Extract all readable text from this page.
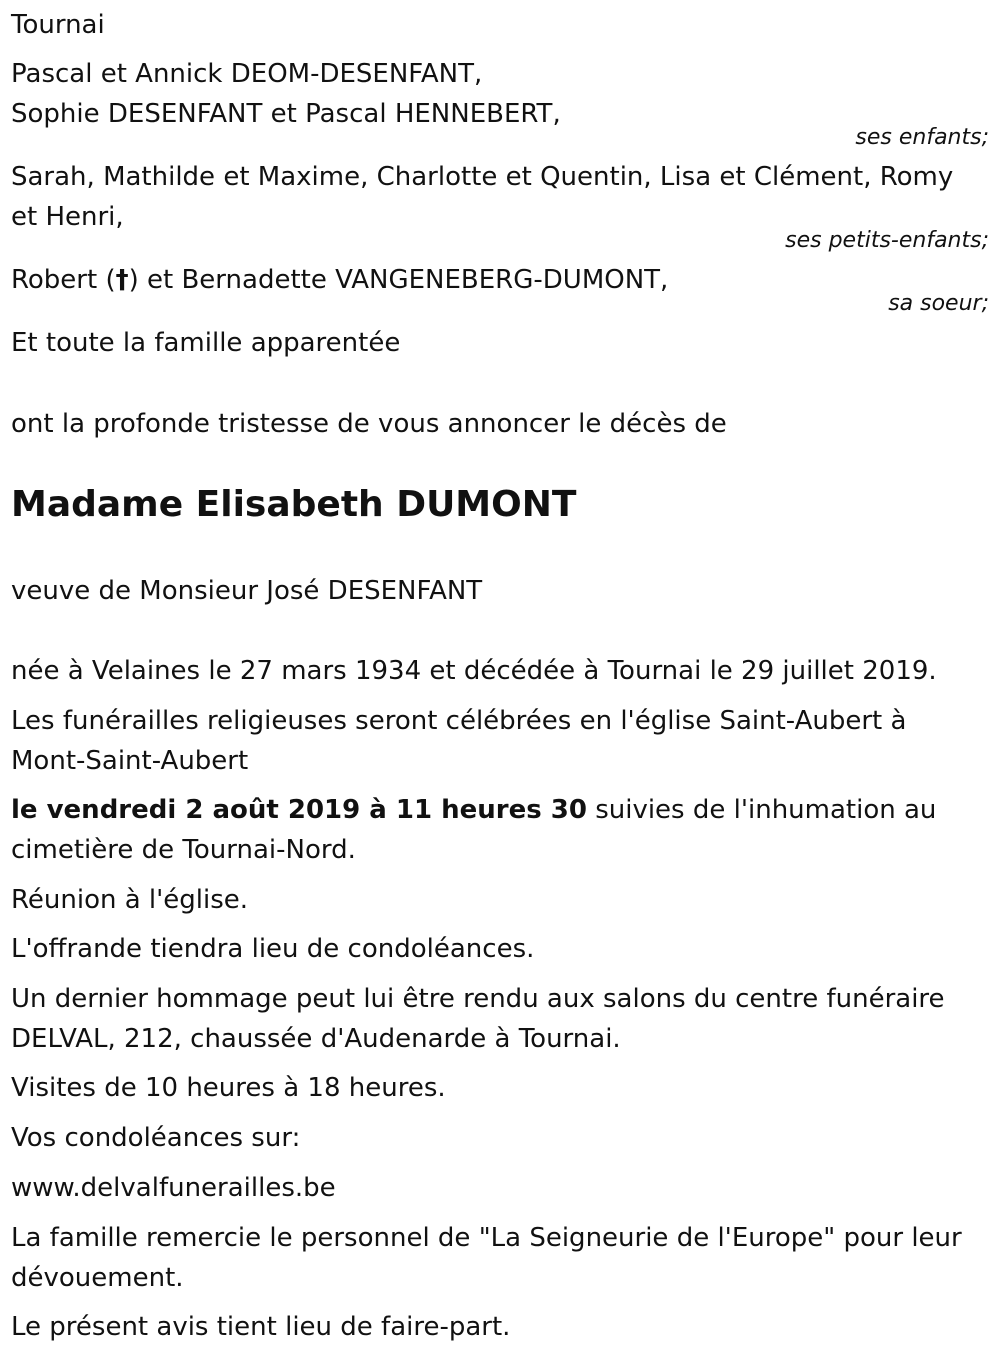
Tournai
Pascal et Annick DEOM-DESENFANT,
Sophie DESENFANT et Pascal HENNEBERT,
ses enfants;
Sarah, Mathilde et Maxime, Charlotte et Quentin, Lisa et Clément, Romy et Henri,
ses petits-enfants;
Robert (†) et Bernadette VANGENEBERG-DUMONT,
sa soeur;
Et toute la famille apparentée
ont la profonde tristesse de vous annoncer le décès de
Madame Elisabeth DUMONT
veuve de Monsieur José DESENFANT
née à Velaines le 27 mars 1934 et décédée à Tournai le 29 juillet 2019.
Les funérailles religieuses seront célébrées en l'église Saint-Aubert à Mont-Saint-Aubert
le vendredi 2 août 2019 à 11 heures 30 suivies de l'inhumation au cimetière de Tournai-Nord.
Réunion à l'église.
L'offrande tiendra lieu de condoléances.
Un dernier hommage peut lui être rendu aux salons du centre funéraire DELVAL, 212, chaussée d'Audenarde à Tournai.
Visites de 10 heures à 18 heures.
Vos condoléances sur:
www.delvalfunerailles.be
La famille remercie le personnel de "La Seigneurie de l'Europe" pour leur dévouement.
Le présent avis tient lieu de faire-part.
